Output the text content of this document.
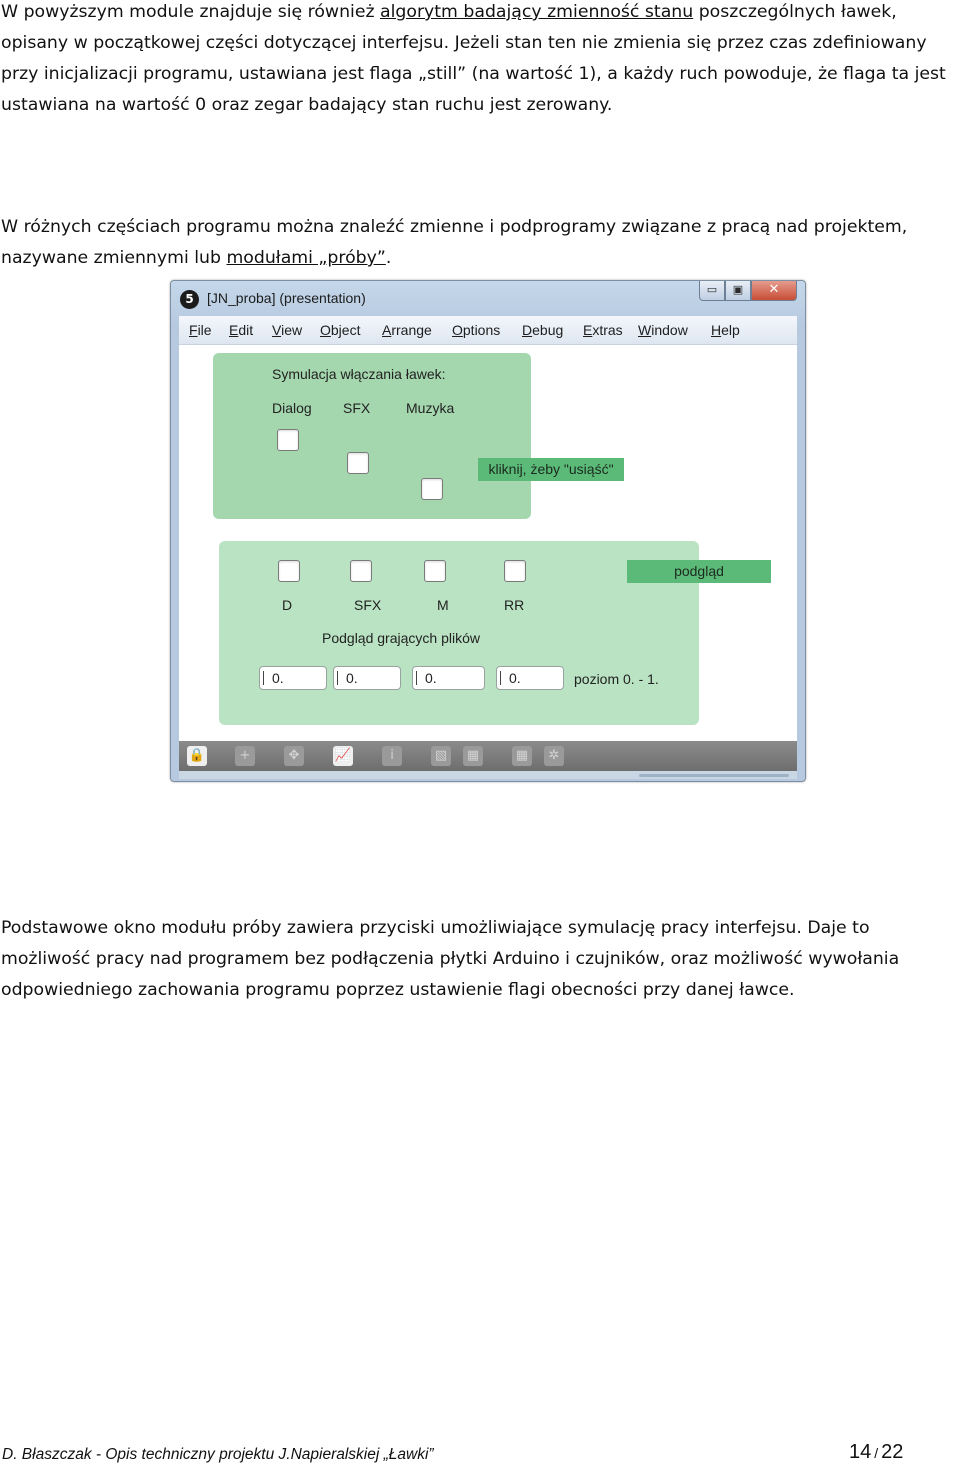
W powyższym module znajduje się również algorytm badający zmienność stanu poszczególnych ławek,
opisany w początkowej części dotyczącej interfejsu. Jeżeli stan ten nie zmienia się przez czas zdefiniowany
przy inicjalizacji programu, ustawiana jest flaga „still” (na wartość 1), a każdy ruch powoduje, że flaga ta jest
ustawiana na wartość 0 oraz zegar badający stan ruchu jest zerowany.

W różnych częściach programu można znaleźć zmienne i podprogramy związane z pracą nad projektem,
nazywane zmiennymi lub modułami „próby”.

5 [JN_proba] (presentation)
▭	▣	✕
File Edit View Object Arrange Options Debug Extras Window Help
Symulacja włączania ławek:
Dialog SFX	Muzyka
kliknij, żeby "usiąść"
D	SFX	M	RR
Podgląd grających plików
poziom 0. - 1.
podgląd
🔒	+	✥	📈	i	▧ ▦	▦	✲
0.	0.	0.	0.

Podstawowe okno modułu próby zawiera przyciski umożliwiające symulację pracy interfejsu. Daje to
możliwość pracy nad programem bez podłączenia płytki Arduino i czujników, oraz możliwość wywołania
odpowiedniego zachowania programu poprzez ustawienie flagi obecności przy danej ławce.

D. Błaszczak - Opis techniczny projektu J.Napieralskiej „Ławki”	14 / 22
